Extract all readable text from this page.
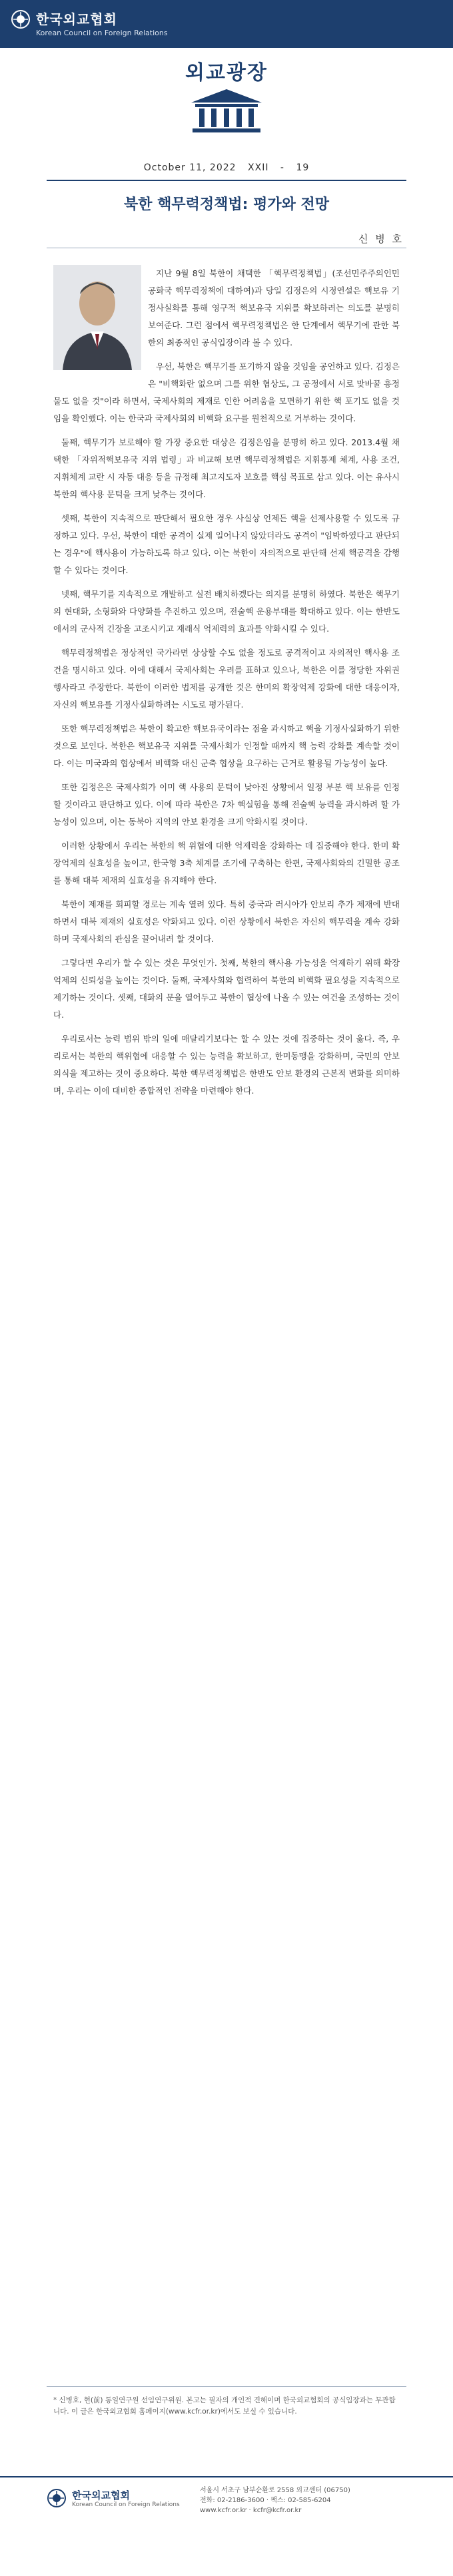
한국외교협회
Korean Council on Foreign Relations
외교광장
October 11, 2022 XXII - 19
북한 핵무력정책법: 평가와 전망
신 병 호

지난 9월 8일 북한이 채택한 「핵무력정책법」(조선민주주의인민공화국 핵무력정책에 대하여)과 당일 김정은의 시정연설은 핵보유 기정사실화를 통해 영구적 핵보유국 지위를 확보하려는 의도를 분명히 보여준다. 그런 점에서 핵무력정책법은 한 단계에서 핵무기에 관한 북한의 최종적인 공식입장이라 볼 수 있다.

우선, 북한은 핵무기를 포기하지 않을 것임을 공언하고 있다. 김정은은 "비핵화란 없으며 그를 위한 협상도, 그 공정에서 서로 맞바꿀 흥정물도 없을 것"이라 하면서, 국제사회의 제재로 인한 어려움을 모면하기 위한 핵 포기도 없을 것임을 확인했다. 이는 한국과 국제사회의 비핵화 요구를 원천적으로 거부하는 것이다.

둘째, 핵무기가 보로해야 할 가장 중요한 대상은 김정은임을 분명히 하고 있다. 2013.4월 채택한 「자위적핵보유국 지위 법령」과 비교해 보면 핵무력정책법은 지휘통제 체계, 사용 조건, 지휘체계 교란 시 자동 대응 등을 규정해 최고지도자 보호를 핵심 목표로 삼고 있다. 이는 유사시 북한의 핵사용 문턱을 크게 낮추는 것이다.

셋째, 북한이 지속적으로 판단해서 필요한 경우 사실상 언제든 핵을 선제사용할 수 있도록 규정하고 있다. 우선, 북한이 대한 공격이 실제 일어나지 않았더라도 공격이 "임박하였다고 판단되는 경우"에 핵사용이 가능하도록 하고 있다. 이는 북한이 자의적으로 판단해 선제 핵공격을 감행할 수 있다는 것이다.

넷째, 핵무기를 지속적으로 개발하고 실전 배치하겠다는 의지를 분명히 하였다. 북한은 핵무기의 현대화, 소형화와 다양화를 추진하고 있으며, 전술핵 운용부대를 확대하고 있다. 이는 한반도에서의 군사적 긴장을 고조시키고 재래식 억제력의 효과를 약화시킬 수 있다.

핵무력정책법은 정상적인 국가라면 상상할 수도 없을 정도로 공격적이고 자의적인 핵사용 조건을 명시하고 있다. 이에 대해서 국제사회는 우려를 표하고 있으나, 북한은 이를 정당한 자위권 행사라고 주장한다. 북한이 이러한 법제를 공개한 것은 한미의 확장억제 강화에 대한 대응이자, 자신의 핵보유를 기정사실화하려는 시도로 평가된다.

또한 핵무력정책법은 북한이 확고한 핵보유국이라는 점을 과시하고 핵을 기정사실화하기 위한 것으로 보인다. 북한은 핵보유국 지위를 국제사회가 인정할 때까지 핵 능력 강화를 계속할 것이다. 이는 미국과의 협상에서 비핵화 대신 군축 협상을 요구하는 근거로 활용될 가능성이 높다.

또한 김정은은 국제사회가 이미 핵 사용의 문턱이 낮아진 상황에서 일정 부분 핵 보유를 인정할 것이라고 판단하고 있다. 이에 따라 북한은 7차 핵실험을 통해 전술핵 능력을 과시하려 할 가능성이 있으며, 이는 동북아 지역의 안보 환경을 크게 악화시킬 것이다.

이러한 상황에서 우리는 북한의 핵 위협에 대한 억제력을 강화하는 데 집중해야 한다. 한미 확장억제의 실효성을 높이고, 한국형 3축 체계를 조기에 구축하는 한편, 국제사회와의 긴밀한 공조를 통해 대북 제재의 실효성을 유지해야 한다.

북한이 제재를 회피할 경로는 계속 열려 있다. 특히 중국과 러시아가 안보리 추가 제재에 반대하면서 대북 제재의 실효성은 약화되고 있다. 이런 상황에서 북한은 자신의 핵무력을 계속 강화하며 국제사회의 관심을 끌어내려 할 것이다.

그렇다면 우리가 할 수 있는 것은 무엇인가. 첫째, 북한의 핵사용 가능성을 억제하기 위해 확장억제의 신뢰성을 높이는 것이다. 둘째, 국제사회와 협력하여 북한의 비핵화 필요성을 지속적으로 제기하는 것이다. 셋째, 대화의 문을 열어두고 북한이 협상에 나올 수 있는 여건을 조성하는 것이다.

우리로서는 능력 범위 밖의 일에 매달리기보다는 할 수 있는 것에 집중하는 것이 옳다. 즉, 우리로서는 북한의 핵위협에 대응할 수 있는 능력을 확보하고, 한미동맹을 강화하며, 국민의 안보의식을 제고하는 것이 중요하다. 북한 핵무력정책법은 한반도 안보 환경의 근본적 변화를 의미하며, 우리는 이에 대비한 종합적인 전략을 마련해야 한다.

* 신병호, 현(前) 통일연구원 선임연구위원. 본고는 필자의 개인적 견해이며 한국외교협회의 공식입장과는 무관합니다. 이 글은 한국외교협회 홈페이지(www.kcfr.or.kr)에서도 보실 수 있습니다.
한국외교협회
Korean Council on Foreign Relations
서울시 서초구 남부순환로 2558 외교센터 (06750)
전화: 02-2186-3600 · 팩스: 02-585-6204
www.kcfr.or.kr · kcfr@kcfr.or.kr
